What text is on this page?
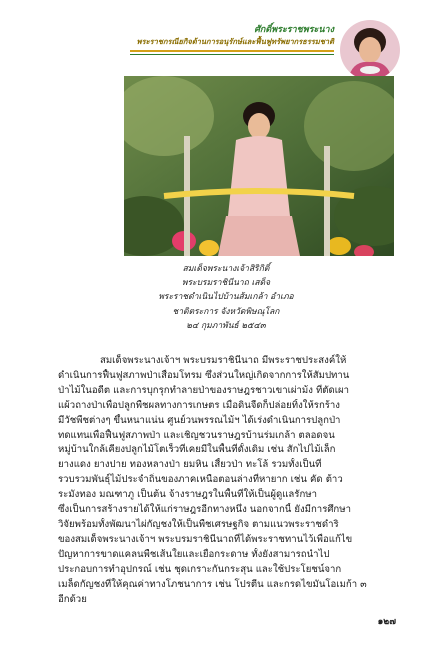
ศักดิ์พระราชพระนาง
พระราชกรณียกิจด้านการอนุรักษ์และฟื้นฟูทรัพยากรธรรมชาติ
สมเด็จพระนางเจ้าสิริกิติ์
พระบรมราชินีนาถ เสด็จ
พระราชดำเนินไปบ้านส้มเกล้า อำเภอ
ชาติตระการ จังหวัดพิษณุโลก
๒๔ กุมภาพันธ์ ๒๕๔๓
สมเด็จพระนางเจ้าฯ พระบรมราชินีนาถ มีพระราชประสงค์ให้
ดำเนินการฟื้นฟูสภาพป่าเสื่อมโทรม ซึ่งส่วนใหญ่เกิดจากการให้สัมปทาน
ป่าไม้ในอดีต และการบุกรุกทำลายป่าของราษฎรชาวเขาเผ่าม้ง ที่ตัดเผา
แผ้วถางป่าเพื่อปลูกพืชผลทางการเกษตร เมื่อดินจืดก็ปล่อยทิ้งให้รกร้าง
มีวัชพืชต่างๆ ขึ้นหนาแน่น ศูนย์วนพรรณไม้ฯ ได้เร่งดำเนินการปลูกป่า
ทดแทนเพื่อฟื้นฟูสภาพป่า และเชิญชวนราษฎรบ้านร่มเกล้า ตลอดจน
หมู่บ้านใกล้เคียงปลูกไม้โตเร็วที่เคยมีในพื้นที่ดั้งเดิม เช่น สักไปไม้เล็ก
ยางแดง ยางปาย ทองหลางป่า ยมหิน เสี้ยวป่า ทะโล้ รวมทั้งเป็นที่
รวบรวมพันธุ์ไม้ประจำถิ่นของภาคเหนือตอนล่างที่หายาก เช่น คัด ต้าว
ระมังทอง มณฑาภู เป็นต้น จ้างราษฎรในพื้นที่ให้เป็นผู้ดูแลรักษา
ซึ่งเป็นการสร้างรายได้ให้แก่ราษฎรอีกทางหนึ่ง นอกจากนี้ ยังมีการศึกษา
วิจัยพร้อมทั้งพัฒนาไผ่กัญชงให้เป็นพืชเศรษฐกิจ ตามแนวพระราชดำริ
ของสมเด็จพระนางเจ้าฯ พระบรมราชินีนาถที่ได้พระราชทานไว้เพื่อแก้ไข
ปัญหาการขาดแคลนพืชเส้นใยและเยื่อกระดาษ ทั้งยังสามารถนำไป
ประกอบการทำอุปกรณ์ เช่น ชุดเกราะกันกระสุน และใช้ประโยชน์จาก
เมล็ดกัญชงที่ให้คุณค่าทางโภชนาการ เช่น โปรตีน และกรดไขมันโอเมก้า ๓
อีกด้วย
๑๒๗
